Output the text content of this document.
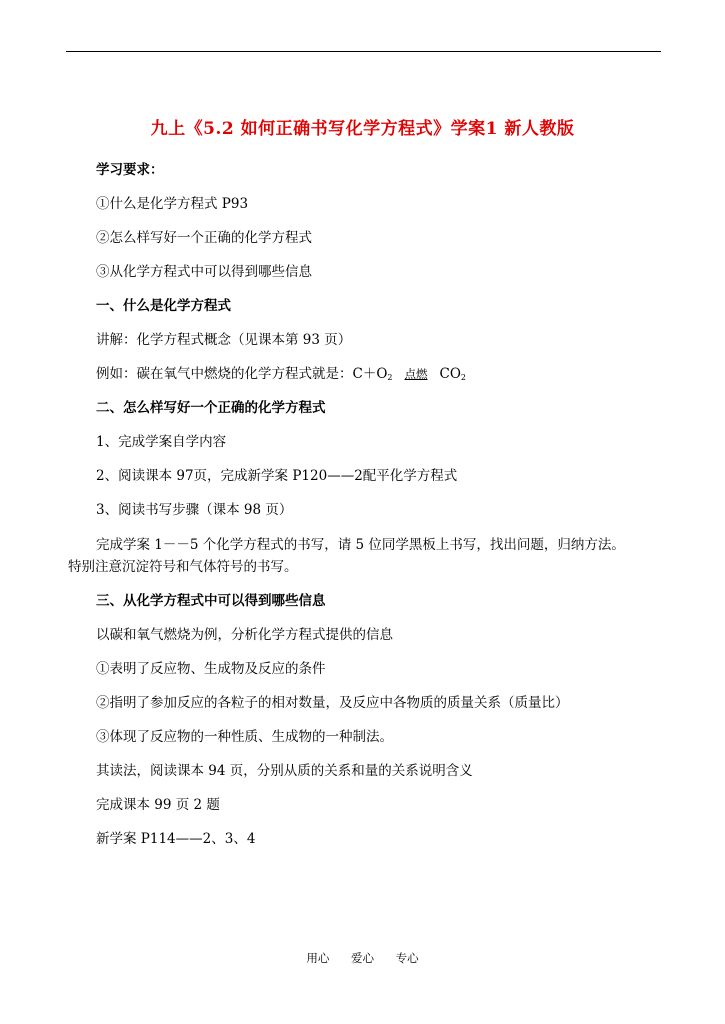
九上《5.2 如何正确书写化学方程式》学案1 新人教版
学习要求：
①什么是化学方程式 P93
②怎么样写好一个正确的化学方程式
③从化学方程式中可以得到哪些信息
一、什么是化学方程式
讲解：化学方程式概念（见课本第 93 页）
例如：碳在氧气中燃烧的化学方程式就是：$C+O_2$ 点燃 $CO_2$
二、怎么样写好一个正确的化学方程式
1、完成学案自学内容
2、阅读课本 97页，完成新学案 P120——2配平化学方程式
3、阅读书写步骤（课本 98 页）
完成学案 1－－5 个化学方程式的书写，请 5 位同学黑板上书写，找出问题，归纳方法。
特别注意沉淀符号和气体符号的书写。
三、从化学方程式中可以得到哪些信息
以碳和氧气燃烧为例，分析化学方程式提供的信息
①表明了反应物、生成物及反应的条件
②指明了参加反应的各粒子的相对数量，及反应中各物质的质量关系（质量比）
③体现了反应物的一种性质、生成物的一种制法。
其读法，阅读课本 94 页，分别从质的关系和量的关系说明含义
完成课本 99 页 2 题
新学案 P114——2、3、4
用心 爱心 专心
